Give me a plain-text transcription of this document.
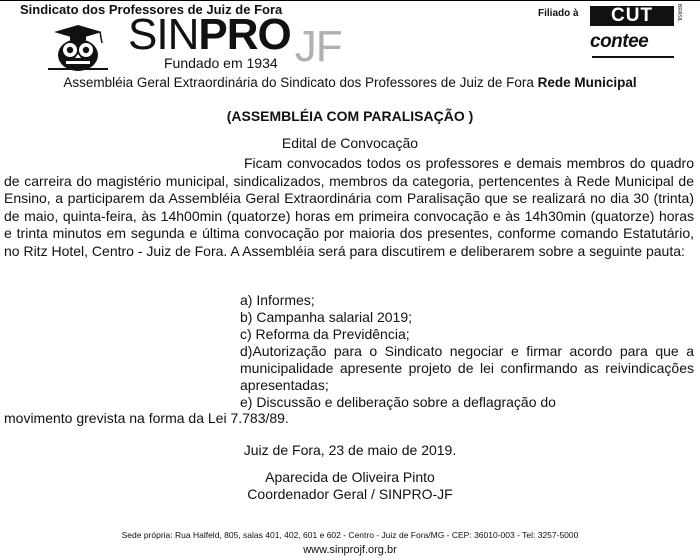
Sindicato dos Professores de Juiz de Fora
SINPROJF
Fundado em 1934
Filiado à	CUT	BRASIL
contee
Assembléia Geral Extraordinária do Sindicato dos Professores de Juiz de Fora Rede Municipal
(ASSEMBLÉIA COM PARALISAÇÃO )
Edital de Convocação
Ficam convocados todos os professores e demais membros do quadro de carreira do magistério municipal, sindicalizados, membros da categoria, pertencentes à Rede Municipal de Ensino, a participarem da Assembléia Geral Extraordinária com Paralisação que se realizará no dia 30 (trinta) de maio, quinta-feira, às 14h00min (quatorze) horas em primeira convocação e às 14h30min (quatorze) horas e trinta minutos em segunda e última convocação por maioria dos presentes, conforme comando Estatutário, no Ritz Hotel, Centro - Juiz de Fora. A Assembléia será para discutirem e deliberarem sobre a seguinte pauta:
a) Informes;
b) Campanha salarial 2019;
c) Reforma da Previdência;
d)Autorização para o Sindicato negociar e firmar acordo para que a municipalidade apresente projeto de lei confirmando as reivindicações apresentadas;
e) Discussão e deliberação sobre a deflagração do
movimento grevista na forma da Lei 7.783/89.
Juiz de Fora, 23 de maio de 2019.
Aparecida de Oliveira Pinto
Coordenador Geral / SINPRO-JF
Sede própria: Rua Halfeld, 805, salas 401, 402, 601 e 602 - Centro - Juiz de Fora/MG - CEP: 36010-003 - Tel: 3257-5000
www.sinprojf.org.br
